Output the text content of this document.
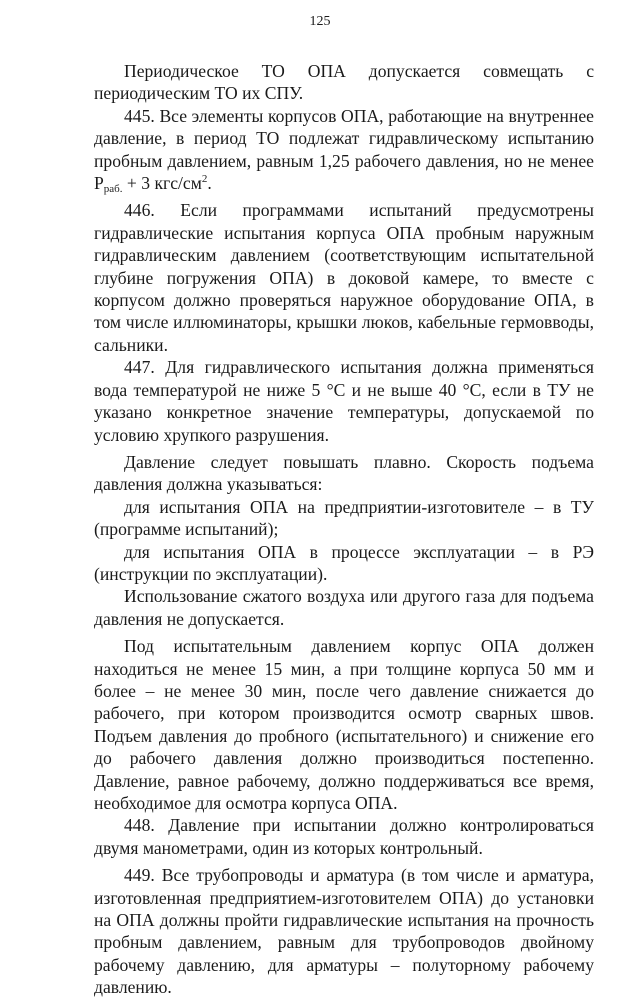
125

Периодическое ТО ОПА допускается совмещать с периодическим ТО их СПУ.

445. Все элементы корпусов ОПА, работающие на внутреннее давление, в период ТО подлежат гидравлическому испытанию пробным давлением, равным 1,25 рабочего давления, но не менее $P_{раб.} + 3$ кгс/$см^2$.

446. Если программами испытаний предусмотрены гидравлические испытания корпуса ОПА пробным наружным гидравлическим давлением (соответствующим испытательной глубине погружения ОПА) в доковой камере, то вместе с корпусом должно проверяться наружное оборудование ОПА, в том числе иллюминаторы, крышки люков, кабельные гермовводы, сальники.

447. Для гидравлического испытания должна применяться вода температурой не ниже 5 °С и не выше 40 °С, если в ТУ не указано конкретное значение температуры, допускаемой по условию хрупкого разрушения.

Давление следует повышать плавно. Скорость подъема давления должна указываться:

для испытания ОПА на предприятии-изготовителе – в ТУ (программе испытаний);

для испытания ОПА в процессе эксплуатации – в РЭ (инструкции по эксплуатации).

Использование сжатого воздуха или другого газа для подъема давления не допускается.

Под испытательным давлением корпус ОПА должен находиться не менее 15 мин, а при толщине корпуса 50 мм и более – не менее 30 мин, после чего давление снижается до рабочего, при котором производится осмотр сварных швов. Подъем давления до пробного (испытательного) и снижение его до рабочего давления должно производиться постепенно. Давление, равное рабочему, должно поддерживаться все время, необходимое для осмотра корпуса ОПА.

448. Давление при испытании должно контролироваться двумя манометрами, один из которых контрольный.

449. Все трубопроводы и арматура (в том числе и арматура, изготовленная предприятием-изготовителем ОПА) до установки на ОПА должны пройти гидравлические испытания на прочность пробным давлением, равным для трубопроводов двойному рабочему давлению, для арматуры – полуторному рабочему давлению.
